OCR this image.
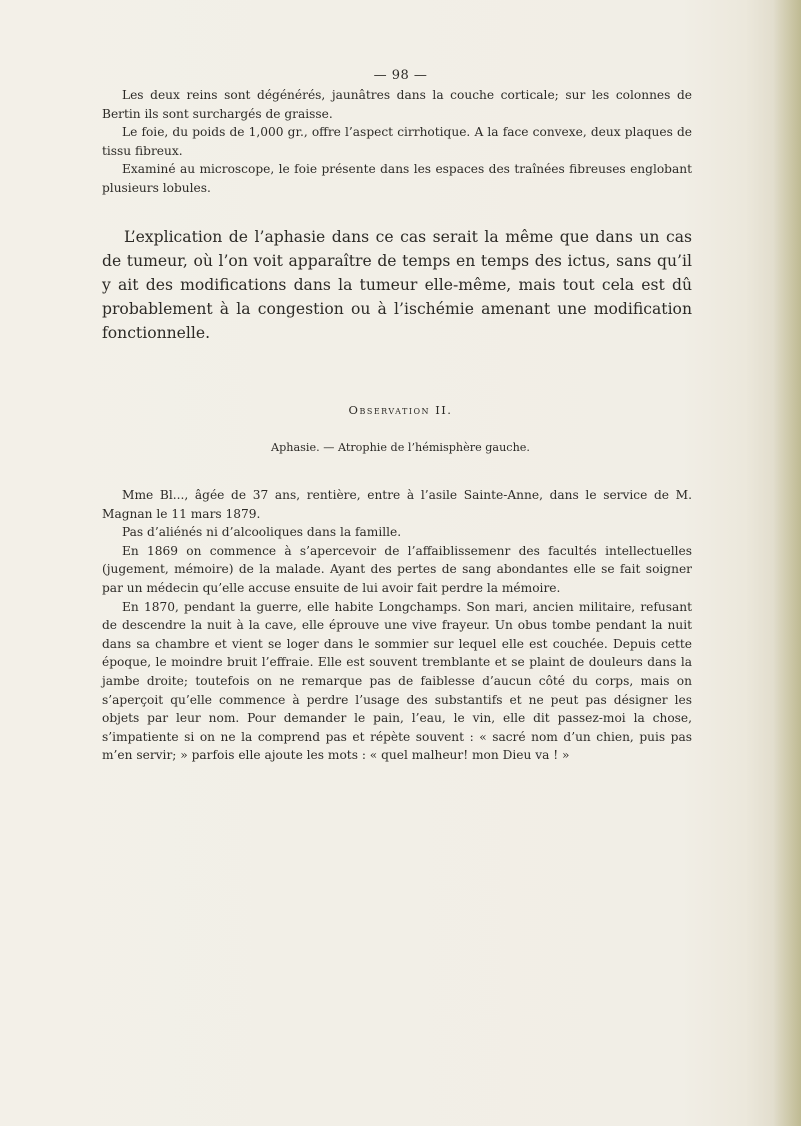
— 98 —

Les deux reins sont dégénérés, jaunâtres dans la couche corticale; sur les colonnes de Bertin ils sont surchargés de graisse.

Le foie, du poids de 1,000 gr., offre l’aspect cirrhotique. A la face convexe, deux plaques de tissu fibreux.

Examiné au microscope, le foie présente dans les espaces des traînées fibreuses englobant plusieurs lobules.

L’explication de l’aphasie dans ce cas serait la même que dans un cas de tumeur, où l’on voit apparaître de temps en temps des ictus, sans qu’il y ait des modifications dans la tumeur elle-même, mais tout cela est dû probablement à la congestion ou à l’ischémie amenant une modification fonctionnelle.

Observation II.
Aphasie. — Atrophie de l’hémisphère gauche.

Mme Bl..., âgée de 37 ans, rentière, entre à l’asile Sainte-Anne, dans le service de M. Magnan le 11 mars 1879.

Pas d’aliénés ni d’alcooliques dans la famille.

En 1869 on commence à s’apercevoir de l’affaiblissemenr des facultés intellectuelles (jugement, mémoire) de la malade. Ayant des pertes de sang abondantes elle se fait soigner par un médecin qu’elle accuse ensuite de lui avoir fait perdre la mémoire.

En 1870, pendant la guerre, elle habite Longchamps. Son mari, ancien militaire, refusant de descendre la nuit à la cave, elle éprouve une vive frayeur. Un obus tombe pendant la nuit dans sa chambre et vient se loger dans le sommier sur lequel elle est couchée. Depuis cette époque, le moindre bruit l’effraie. Elle est souvent tremblante et se plaint de douleurs dans la jambe droite; toutefois on ne remarque pas de faiblesse d’aucun côté du corps, mais on s’aperçoit qu’elle commence à perdre l’usage des substantifs et ne peut pas désigner les objets par leur nom. Pour demander le pain, l’eau, le vin, elle dit passez-moi la chose, s’impatiente si on ne la comprend pas et répète souvent : « sacré nom d’un chien, puis pas m’en servir; » parfois elle ajoute les mots : « quel malheur! mon Dieu va ! »
